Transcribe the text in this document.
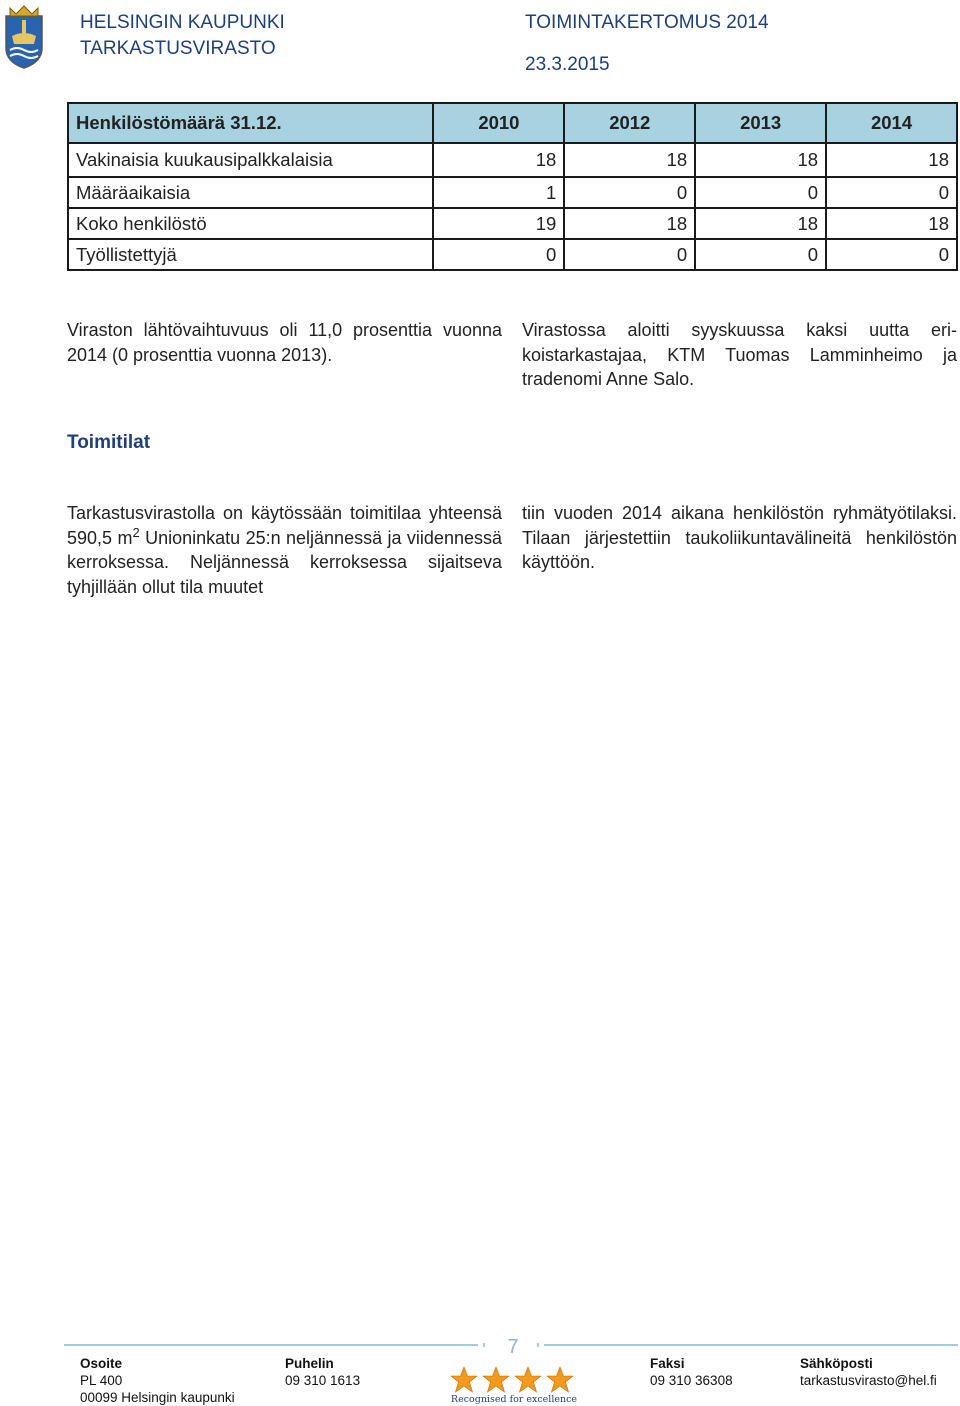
HELSINGIN KAUPUNKI
TARKASTUSVIRASTO
TOIMINTAKERTOMUS 2014
23.3.2015
Henkilöstömäärä 31.12.	2010	2012	2013	2014
Vakinaisia kuukausipalkkalaisia	18	18	18	18
Määräaikaisia	1	0	0	0
Koko henkilöstö	19	18	18	18
Työllistettyjä	0	0	0	0
Viraston lähtövaihtuvuus oli 11,0 prosenttia vuonna 2014 (0 prosenttia vuonna 2013).
Virastossa aloitti syyskuussa kaksi uutta erikoistarkastajaa, KTM Tuomas Lamminheimo ja tradenomi Anne Salo.
Toimitilat
Tarkastusvirastolla on käytössään toimitilaa yhteensä 590,5 $m^2$ Unioninkatu 25:n neljännessä ja viidennessä kerroksessa. Neljännessä kerroksessa sijaitseva tyhjillään ollut tila muutet
tiin vuoden 2014 aikana henkilöstön ryhmätyötilaksi. Tilaan järjestettiin taukoliikuntavälineitä henkilöstön käyttöön.
7
Osoite
PL 400
00099 Helsingin kaupunki
Puhelin
09 310 1613
Faksi
09 310 36308
Sähköposti
tarkastusvirasto@hel.fi
Recognised for excellence
